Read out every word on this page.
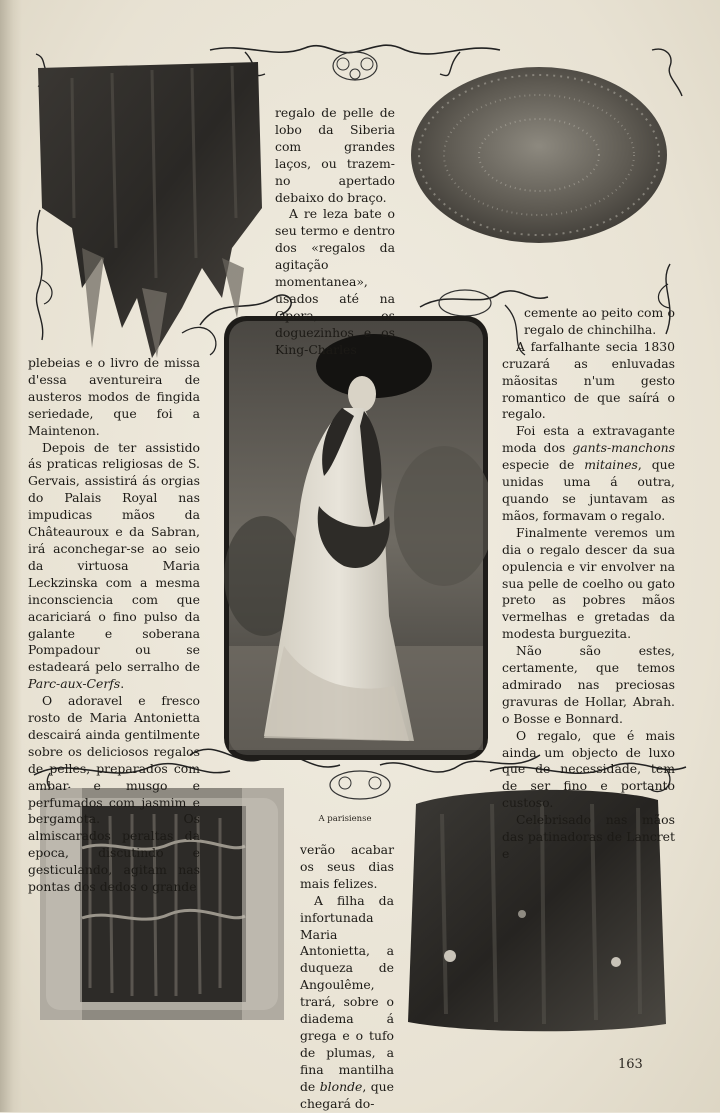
regalo de pelle de lobo da Siberia com grandes laços, ou trazem-no apertado debaixo do braço.

A re leza bate o seu termo e dentro dos «regalos da agitação momentanea», usados até na Opera, os doguezinhos e os King-Charles

plebeias e o livro de missa d'essa aventureira de austeros modos de fingida seriedade, que foi a Maintenon.

Depois de ter assistido ás praticas religiosas de S. Gervais, assistirá ás orgias do Palais Royal nas impudicas mãos da Châteauroux e da Sabran, irá aconchegar-se ao seio da virtuosa Maria Leckzinska com a mesma inconsciencia com que acariciará o fino pulso da galante e soberana Pompadour ou se estadeará pelo serralho de Parc-aux-Cerfs.

O adoravel e fresco rosto de Maria Antonietta descairá ainda gentilmente sobre os deliciosos regalos de pelles, preparados com ambar e musgo e perfumados com jasmim e bergamota. Os almiscarados peraltas da epoca, discutindo e gesticulando, agitam nas pontas dos dedos o grande

cemente ao peito com o regalo de chinchilha.

A farfalhante secia 1830 cruzará as enluvadas mãositas n'um gesto romantico de que saírá o regalo.

Foi esta a extravagante moda dos gants-manchons especie de mitaines, que unidas uma á outra, quando se juntavam as mãos, formavam o regalo.

Finalmente veremos um dia o regalo descer da sua opulencia e vir envolver na sua pelle de coelho ou gato preto as pobres mãos vermelhas e gretadas da modesta burguezita.

Não são estes, certamente, que temos admirado nas preciosas gravuras de Hollar, Abrah. o Bosse e Bonnard.

O regalo, que é mais ainda um objecto de luxo que de necessidade, tem de ser fino e portanto custoso.

Celebrisado nas mãos das patinadoras de Lancret e

A parisiense

verão acabar os seus dias mais felizes.

A filha da infortunada Maria Antonietta, a duqueza de Angoulême, trará, sobre o diadema á grega e o tufo de plumas, a fina mantilha de blonde, que chegará do-

163
